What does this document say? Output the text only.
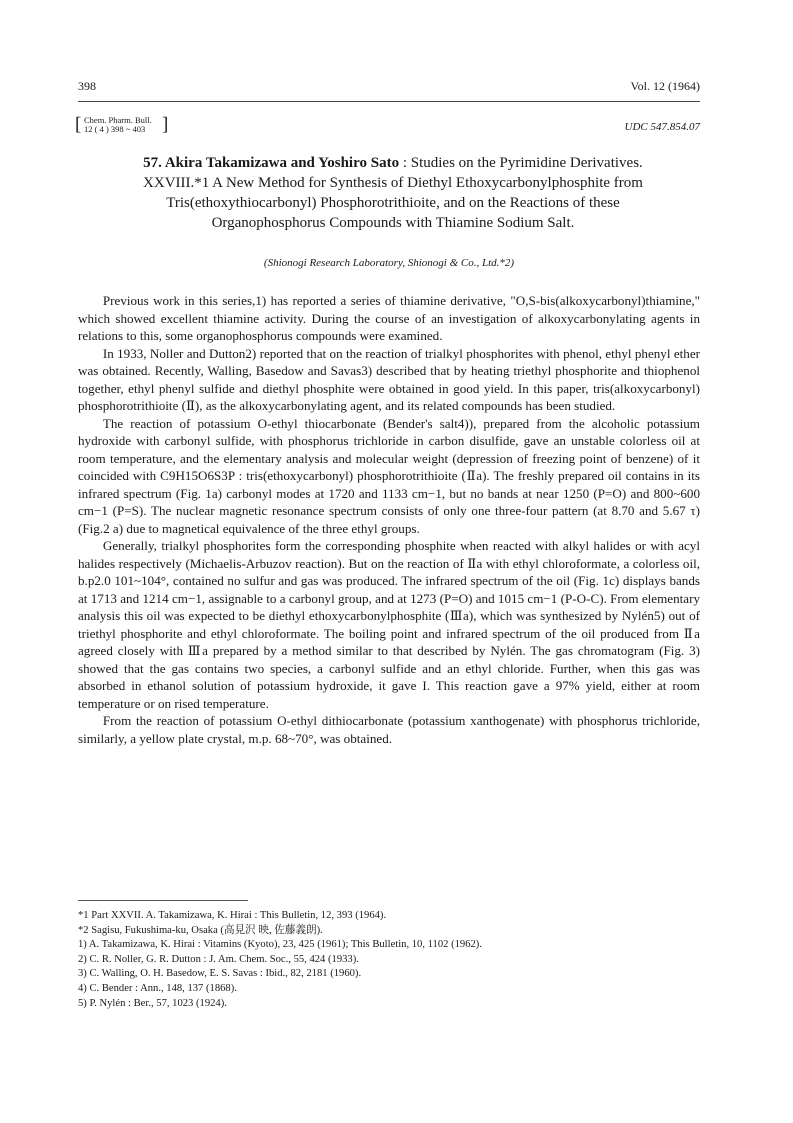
398	Vol. 12 (1964)
[ Chem. Pharm. Bull.
12 ( 4 ) 398 ~ 403 ]	UDC 547.854.07
57. Akira Takamizawa and Yoshiro Sato : Studies on the Pyrimidine Derivatives. XXVIII.*1 A New Method for Synthesis of Diethyl Ethoxycarbonylphosphite from Tris(ethoxythiocarbonyl) Phosphorotrithioite, and on the Reactions of these Organophosphorus Compounds with Thiamine Sodium Salt.
(Shionogi Research Laboratory, Shionogi & Co., Ltd.*2)

Previous work in this series,1) has reported a series of thiamine derivative, "O,S-bis(alkoxycarbonyl)thiamine," which showed excellent thiamine activity. During the course of an investigation of alkoxycarbonylating agents in relations to this, some organophosphorus compounds were examined.

In 1933, Noller and Dutton2) reported that on the reaction of trialkyl phosphorites with phenol, ethyl phenyl ether was obtained. Recently, Walling, Basedow and Savas3) described that by heating triethyl phosphorite and thiophenol together, ethyl phenyl sulfide and diethyl phosphite were obtained in good yield. In this paper, tris(alkoxycarbonyl) phosphorotrithioite (Ⅱ), as the alkoxycarbonylating agent, and its related compounds has been studied.

The reaction of potassium O-ethyl thiocarbonate (Bender's salt4)), prepared from the alcoholic potassium hydroxide with carbonyl sulfide, with phosphorus trichloride in carbon disulfide, gave an unstable colorless oil at room temperature, and the elementary analysis and molecular weight (depression of freezing point of benzene) of it coincided with C9H15O6S3P : tris(ethoxycarbonyl) phosphorotrithioite (Ⅱa). The freshly prepared oil contains in its infrared spectrum (Fig. 1a) carbonyl modes at 1720 and 1133 cm−1, but no bands at near 1250 (P=O) and 800~600 cm−1 (P=S). The nuclear magnetic resonance spectrum consists of only one three-four pattern (at 8.70 and 5.67 τ) (Fig.2 a) due to magnetical equivalence of the three ethyl groups.

Generally, trialkyl phosphorites form the corresponding phosphite when reacted with alkyl halides or with acyl halides respectively (Michaelis-Arbuzov reaction). But on the reaction of Ⅱa with ethyl chloroformate, a colorless oil, b.p2.0 101~104°, contained no sulfur and gas was produced. The infrared spectrum of the oil (Fig. 1c) displays bands at 1713 and 1214 cm−1, assignable to a carbonyl group, and at 1273 (P=O) and 1015 cm−1 (P-O-C). From elementary analysis this oil was expected to be diethyl ethoxycarbonylphosphite (Ⅲa), which was synthesized by Nylén5) out of triethyl phosphorite and ethyl chloroformate. The boiling point and infrared spectrum of the oil produced from Ⅱa agreed closely with Ⅲa prepared by a method similar to that described by Nylén. The gas chromatogram (Fig. 3) showed that the gas contains two species, a carbonyl sulfide and an ethyl chloride. Further, when this gas was absorbed in ethanol solution of potassium hydroxide, it gave I. This reaction gave a 97% yield, either at room temperature or on rised temperature.

From the reaction of potassium O-ethyl dithiocarbonate (potassium xanthogenate) with phosphorus trichloride, similarly, a yellow plate crystal, m.p. 68~70°, was obtained.

*1 Part XXVII. A. Takamizawa, K. Hirai : This Bulletin, 12, 393 (1964).
*2 Sagisu, Fukushima-ku, Osaka (高見沢 映, 佐藤義朗).
1) A. Takamizawa, K. Hirai : Vitamins (Kyoto), 23, 425 (1961); This Bulletin, 10, 1102 (1962).
2) C. R. Noller, G. R. Dutton : J. Am. Chem. Soc., 55, 424 (1933).
3) C. Walling, O. H. Basedow, E. S. Savas : Ibid., 82, 2181 (1960).
4) C. Bender : Ann., 148, 137 (1868).
5) P. Nylén : Ber., 57, 1023 (1924).
